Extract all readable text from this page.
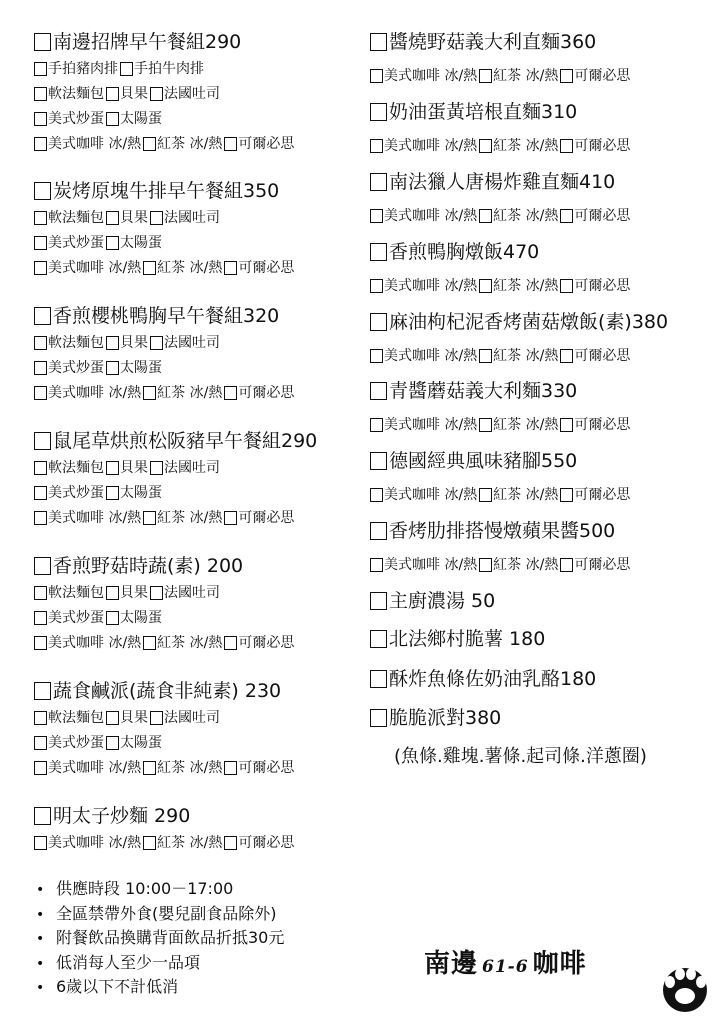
南邊招牌早午餐組290
手拍豬肉排 手拍牛肉排
軟法麵包 貝果 法國吐司
美式炒蛋 太陽蛋
美式咖啡 冰/熱 紅茶 冰/熱 可爾必思
炭烤原塊牛排早午餐組350
軟法麵包 貝果 法國吐司
美式炒蛋 太陽蛋
美式咖啡 冰/熱 紅茶 冰/熱 可爾必思
香煎櫻桃鴨胸早午餐組320
軟法麵包 貝果 法國吐司
美式炒蛋 太陽蛋
美式咖啡 冰/熱 紅茶 冰/熱 可爾必思
鼠尾草烘煎松阪豬早午餐組290
軟法麵包 貝果 法國吐司
美式炒蛋 太陽蛋
美式咖啡 冰/熱 紅茶 冰/熱 可爾必思
香煎野菇時蔬(素) 200
軟法麵包 貝果 法國吐司
美式炒蛋 太陽蛋
美式咖啡 冰/熱 紅茶 冰/熱 可爾必思
蔬食鹹派(蔬食非純素) 230
軟法麵包 貝果 法國吐司
美式炒蛋 太陽蛋
美式咖啡 冰/熱 紅茶 冰/熱 可爾必思
明太子炒麵 290
美式咖啡 冰/熱 紅茶 冰/熱 可爾必思
醬燒野菇義大利直麵360
美式咖啡 冰/熱 紅茶 冰/熱 可爾必思
奶油蛋黃培根直麵310
美式咖啡 冰/熱 紅茶 冰/熱 可爾必思
南法獵人唐楊炸雞直麵410
美式咖啡 冰/熱 紅茶 冰/熱 可爾必思
香煎鴨胸燉飯470
美式咖啡 冰/熱 紅茶 冰/熱 可爾必思
麻油枸杞泥香烤菌菇燉飯(素)380
美式咖啡 冰/熱 紅茶 冰/熱 可爾必思
青醬蘑菇義大利麵330
美式咖啡 冰/熱 紅茶 冰/熱 可爾必思
德國經典風味豬腳550
美式咖啡 冰/熱 紅茶 冰/熱 可爾必思
香烤肋排搭慢燉蘋果醬500
美式咖啡 冰/熱 紅茶 冰/熱 可爾必思
主廚濃湯 50
北法鄉村脆薯 180
酥炸魚條佐奶油乳酪180
脆脆派對380
(魚條.雞塊.薯條.起司條.洋蔥圈)
• 供應時段 10:00－17:00
• 全區禁帶外食(嬰兒副食品除外)
• 附餐飲品換購背面飲品折抵30元
• 低消每人至少一品項
• 6歲以下不計低消
南邊 61-6 咖啡
